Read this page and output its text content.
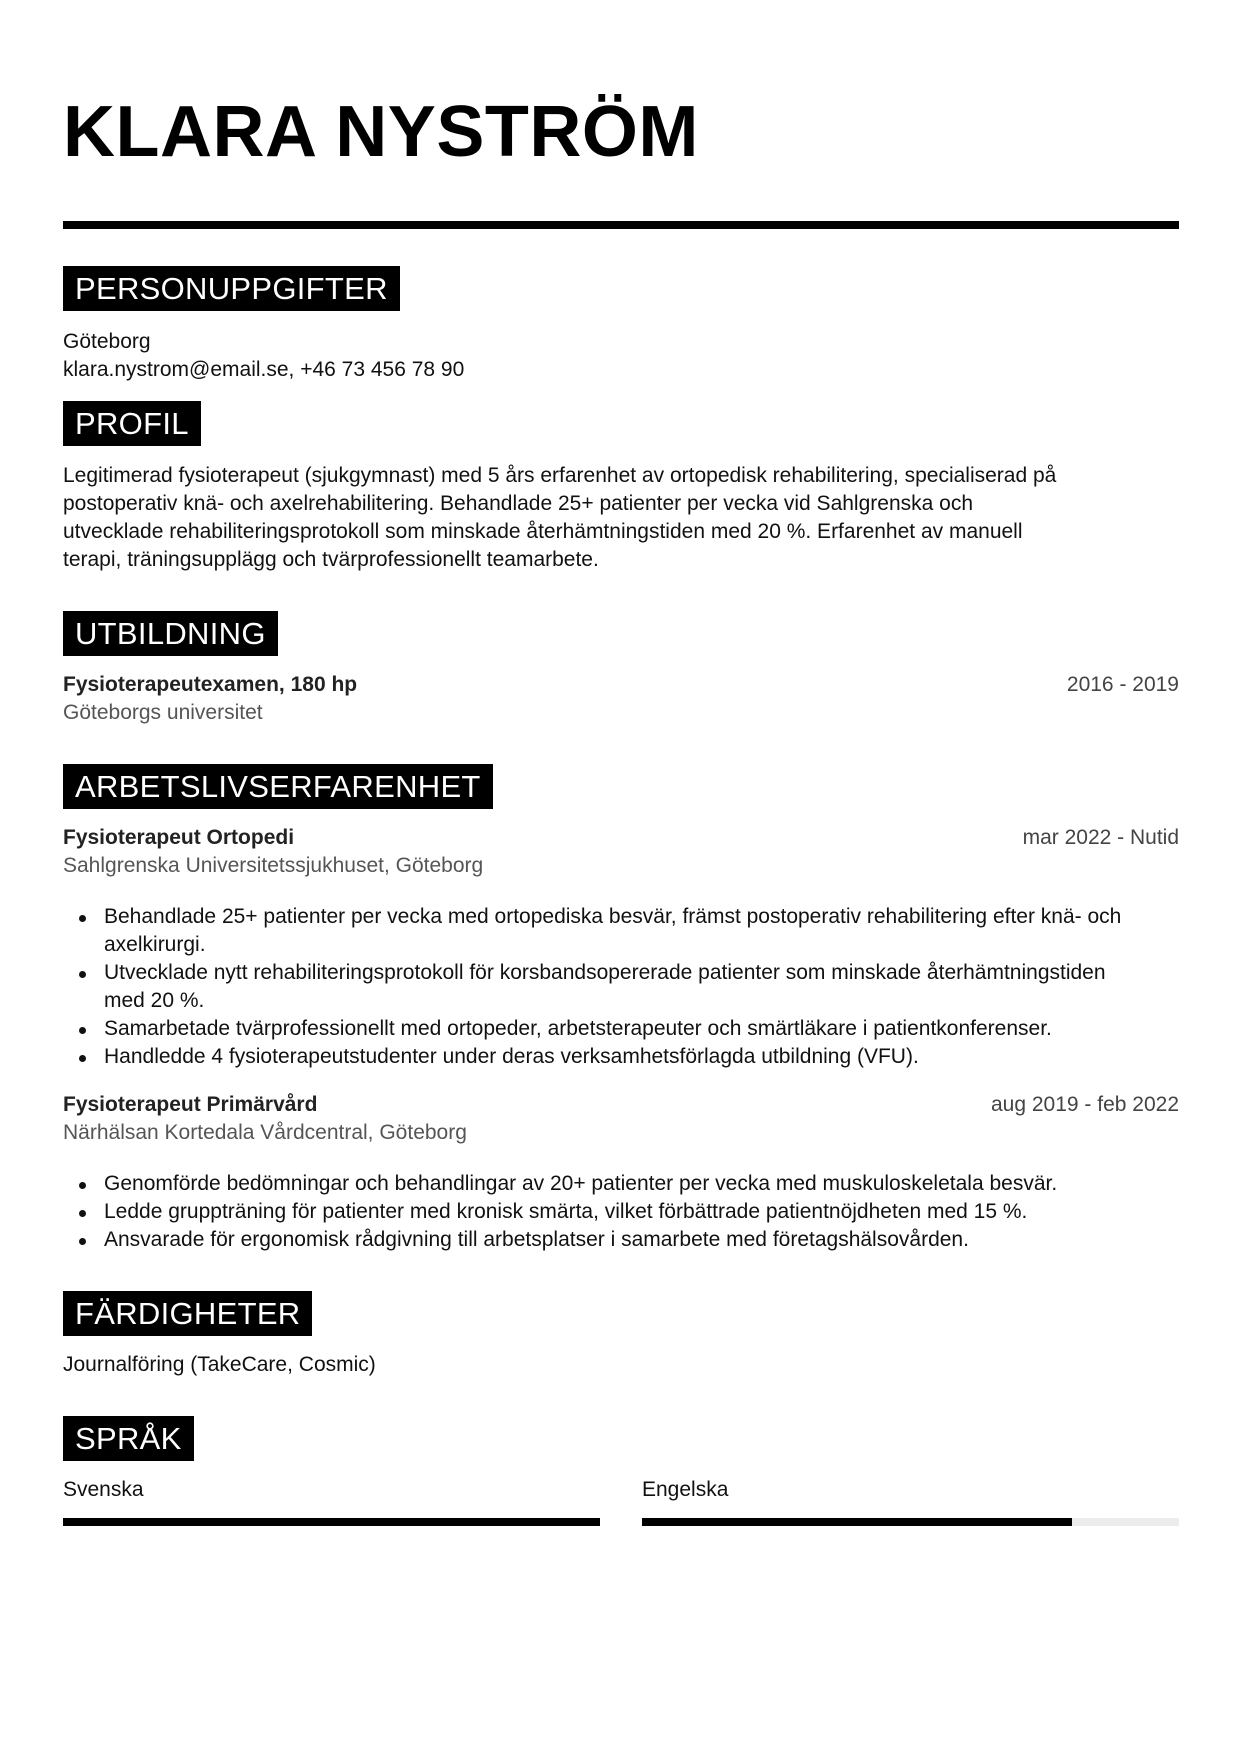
KLARA NYSTRÖM
PERSONUPPGIFTER
Göteborg
klara.nystrom@email.se, +46 73 456 78 90
PROFIL
Legitimerad fysioterapeut (sjukgymnast) med 5 års erfarenhet av ortopedisk rehabilitering, specialiserad på
postoperativ knä- och axelrehabilitering. Behandlade 25+ patienter per vecka vid Sahlgrenska och
utvecklade rehabiliteringsprotokoll som minskade återhämtningstiden med 20 %. Erfarenhet av manuell
terapi, träningsupplägg och tvärprofessionellt teamarbete.
UTBILDNING
Fysioterapeutexamen, 180 hp	2016 - 2019
Göteborgs universitet
ARBETSLIVSERFARENHET
Fysioterapeut Ortopedi	mar 2022 - Nutid
Sahlgrenska Universitetssjukhuset, Göteborg
Behandlade 25+ patienter per vecka med ortopediska besvär, främst postoperativ rehabilitering efter knä- och axelkirurgi.
Utvecklade nytt rehabiliteringsprotokoll för korsbandsopererade patienter som minskade återhämtningstiden med 20 %.
Samarbetade tvärprofessionellt med ortopeder, arbetsterapeuter och smärtläkare i patientkonferenser.
Handledde 4 fysioterapeutstudenter under deras verksamhetsförlagda utbildning (VFU).
Fysioterapeut Primärvård	aug 2019 - feb 2022
Närhälsan Kortedala Vårdcentral, Göteborg
Genomförde bedömningar och behandlingar av 20+ patienter per vecka med muskuloskeletala besvär.
Ledde gruppträning för patienter med kronisk smärta, vilket förbättrade patientnöjdheten med 15 %.
Ansvarade för ergonomisk rådgivning till arbetsplatser i samarbete med företagshälsovården.
FÄRDIGHETER
Journalföring (TakeCare, Cosmic)
SPRÅK
Svenska	Engelska
